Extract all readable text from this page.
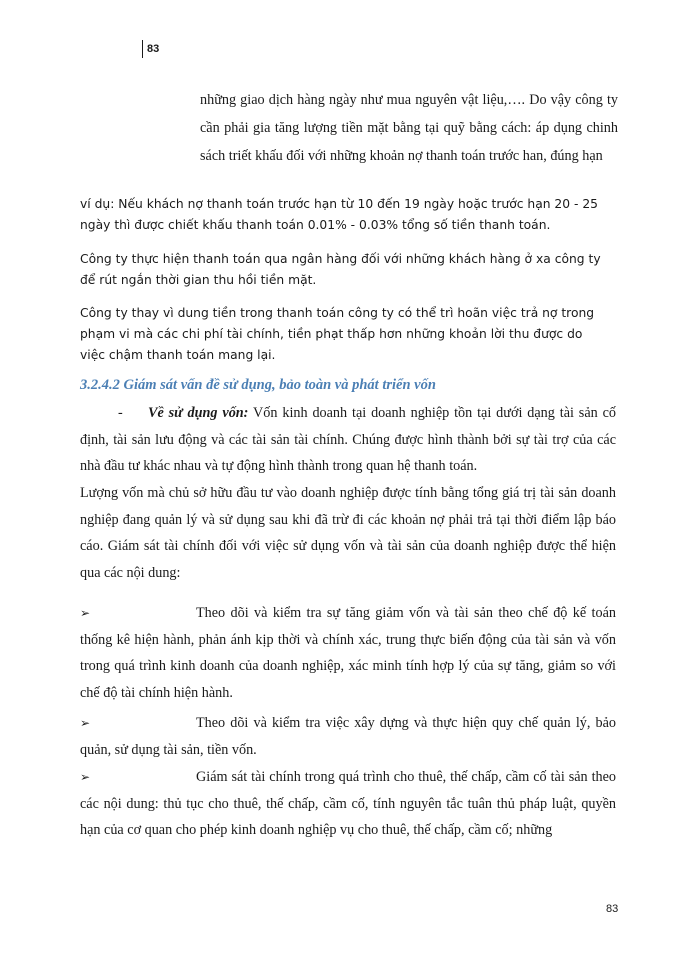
83
những giao dịch hàng ngày như mua nguyên vật liệu,…. Do vậy công ty cần phải gia tăng lượng tiền mặt bằng tại quỹ bằng cách: áp dụng chinh sách triết khấu đối với những khoản nợ thanh toán trước han, đúng hạn
ví dụ: Nếu khách nợ thanh toán trước hạn từ 10 đến 19 ngày hoặc trước hạn 20 - 25 ngày thì được chiết khấu thanh toán 0.01% - 0.03% tổng số tiền thanh toán.
Công ty thực hiện thanh toán qua ngân hàng đối với những khách hàng ở xa công ty để rút ngắn thời gian thu hồi tiền mặt.
Công ty thay vì dung tiền trong thanh toán công ty có thể trì hoãn việc trả nợ trong phạm vi mà các chi phí tài chính, tiền phạt thấp hơn những khoản lời thu được do việc chậm thanh toán mang lại.
3.2.4.2 Giám sát vấn đề sử dụng, bảo toàn và phát triển vốn
- Về sử dụng vốn: Vốn kinh doanh tại doanh nghiệp tồn tại dưới dạng tài sản cố định, tài sản lưu động và các tài sản tài chính. Chúng được hình thành bởi sự tài trợ của các nhà đầu tư khác nhau và tự động hình thành trong quan hệ thanh toán.
Lượng vốn mà chủ sở hữu đầu tư vào doanh nghiệp được tính bằng tổng giá trị tài sản doanh nghiệp đang quản lý và sử dụng sau khi đã trừ đi các khoản nợ phải trả tại thời điểm lập báo cáo. Giám sát tài chính đối với việc sử dụng vốn và tài sản của doanh nghiệp được thể hiện qua các nội dung:
➢	Theo dõi và kiểm tra sự tăng giảm vốn và tài sản theo chế độ kế toán thống kê hiện hành, phản ánh kịp thời và chính xác, trung thực biến động của tài sản và vốn trong quá trình kinh doanh của doanh nghiệp, xác minh tính hợp lý của sự tăng, giảm so với chế độ tài chính hiện hành.
➢	Theo dõi và kiểm tra việc xây dựng và thực hiện quy chế quản lý, bảo quản, sử dụng tài sản, tiền vốn.
➢	Giám sát tài chính trong quá trình cho thuê, thế chấp, cầm cố tài sản theo các nội dung: thủ tục cho thuê, thế chấp, cầm cố, tính nguyên tắc tuân thủ pháp luật, quyền hạn của cơ quan cho phép kinh doanh nghiệp vụ cho thuê, thế chấp, cầm cố; những
83
